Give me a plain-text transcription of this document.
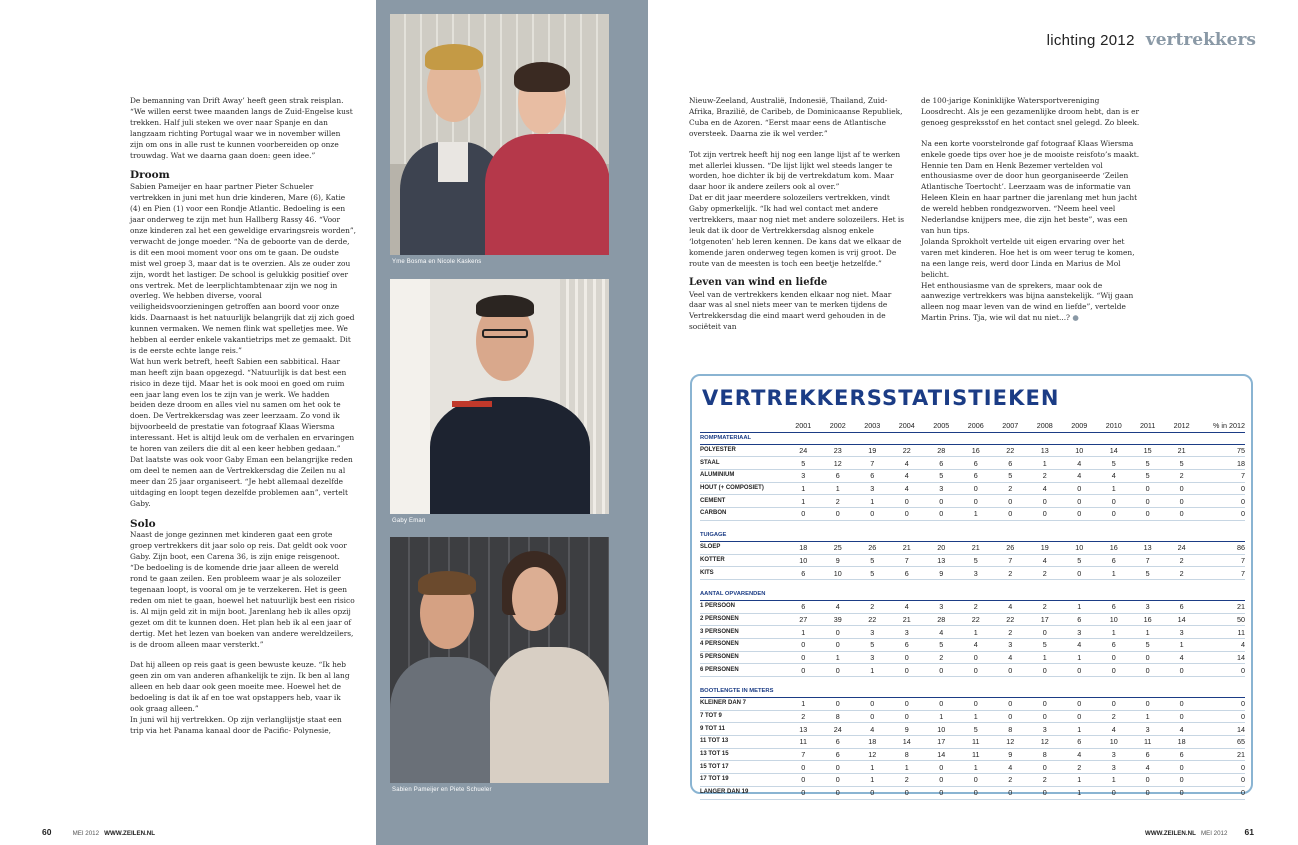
De bemanning van Drift Away’ heeft geen strak reisplan. “We willen eerst twee maanden langs de Zuid-Engelse kust trekken. Half juli steken we over naar Spanje en dan langzaam richting Portugal waar we in november willen zijn om ons in alle rust te kunnen voorbereiden op onze trouwdag. Wat we daarna gaan doen: geen idee.”

Droom

Sabien Pameijer en haar partner Pieter Schueler vertrekken in juni met hun drie kinderen, Mare (6), Katie (4) en Pien (1) voor een Rondje Atlantic. Bedoeling is een jaar onderweg te zijn met hun Hallberg Rassy 46. “Voor onze kinderen zal het een geweldige ervaringsreis worden”, verwacht de jonge moeder. “Na de geboorte van de derde, is dit een mooi moment voor ons om te gaan. De oudste mist wel groep 3, maar dat is te overzien. Als ze ouder zou zijn, wordt het lastiger. De school is gelukkig positief over ons vertrek. Met de leerplichtambtenaar zijn we nog in overleg. We hebben diverse, vooral veiligheidsvoorzieningen getroffen aan boord voor onze kids. Daarnaast is het natuurlijk belangrijk dat zij zich goed kunnen vermaken. We nemen flink wat spelletjes mee. We hebben al eerder enkele vakantietrips met ze gemaakt. Dit is de eerste echte lange reis.”

Wat hun werk betreft, heeft Sabien een sabbitical. Haar man heeft zijn baan opgezegd. “Natuurlijk is dat best een risico in deze tijd. Maar het is ook mooi en goed om ruim een jaar lang even los te zijn van je werk. We hadden beiden deze droom en alles viel nu samen om het ook te doen. De Vertrekkersdag was zeer leerzaam. Zo vond ik bijvoorbeeld de prestatie van fotograaf Klaas Wiersma interessant. Het is altijd leuk om de verhalen en ervaringen te horen van zeilers die dit al een keer hebben gedaan.”

Dat laatste was ook voor Gaby Eman een belangrijke reden om deel te nemen aan de Vertrekkersdag die Zeilen nu al meer dan 25 jaar organiseert. “Je hebt allemaal dezelfde uitdaging en loopt tegen dezelfde problemen aan”, vertelt Gaby.

Solo

Naast de jonge gezinnen met kinderen gaat een grote groep vertrekkers dit jaar solo op reis. Dat geldt ook voor Gaby. Zijn boot, een Carena 36, is zijn enige reisgenoot. “De bedoeling is de komende drie jaar alleen de wereld rond te gaan zeilen. Een probleem waar je als solozeiler tegenaan loopt, is vooral om je te verzekeren. Het is geen reden om niet te gaan, hoewel het natuurlijk best een risico is. Al mijn geld zit in mijn boot. Jarenlang heb ik alles opzij gezet om dit te kunnen doen. Het plan heb ik al een jaar of dertig. Met het lezen van boeken van andere wereldzeilers, is de droom alleen maar versterkt.”

Dat hij alleen op reis gaat is geen bewuste keuze. “Ik heb geen zin om van anderen afhankelijk te zijn. Ik ben al lang alleen en heb daar ook geen moeite mee. Hoewel het de bedoeling is dat ik af en toe wat opstappers heb, vaar ik ook graag alleen.”

In juni wil hij vertrekken. Op zijn verlanglijstje staat een trip via het Panama kanaal door de Pacific- Polynesie,

Yme Bosma en Nicole Kaskens
Gaby Eman
Sabien Pameijer en Piete Schueler
lichting 2012 vertrekkers

Nieuw-Zeeland, Australië, Indonesië, Thailand, Zuid-Afrika, Brazilië, de Caribeb, de Dominicaanse Republiek, Cuba en de Azoren. “Eerst maar eens de Atlantische oversteek. Daarna zie ik wel verder.”

Tot zijn vertrek heeft hij nog een lange lijst af te werken met allerlei klussen. “De lijst lijkt wel steeds langer te worden, hoe dichter ik bij de vertrekdatum kom. Maar daar hoor ik andere zeilers ook al over.”

Dat er dit jaar meerdere solozeilers vertrekken, vindt Gaby opmerkelijk. “Ik had wel contact met andere vertrekkers, maar nog niet met andere solozeilers. Het is leuk dat ik door de Vertrekkersdag alsnog enkele ‘lotgenoten’ heb leren kennen. De kans dat we elkaar de komende jaren onderweg tegen komen is vrij groot. De route van de meesten is toch een beetje hetzelfde.”

Leven van wind en liefde

Veel van de vertrekkers kenden elkaar nog niet. Maar daar was al snel niets meer van te merken tijdens de Vertrekkersdag die eind maart werd gehouden in de sociëteit van

de 100-jarige Koninklijke Watersportvereniging Loosdrecht. Als je een gezamenlijke droom hebt, dan is er genoeg gespreksstof en het contact snel gelegd. Zo bleek.

Na een korte voorstelronde gaf fotograaf Klaas Wiersma enkele goede tips over hoe je de mooiste reisfoto’s maakt. Hennie ten Dam en Henk Bezemer vertelden vol enthousiasme over de door hun georganiseerde ‘Zeilen Atlantische Toertocht’. Leerzaam was de informatie van Heleen Klein en haar partner die jarenlang met hun jacht de wereld hebben rondgezworven. “Neem heel veel Nederlandse knijpers mee, die zijn het beste”, was een van hun tips.

Jolanda Sprokholt vertelde uit eigen ervaring over het varen met kinderen. Hoe het is om weer terug te komen, na een lange reis, werd door Linda en Marius de Mol belicht.

Het enthousiasme van de sprekers, maar ook de aanwezige vertrekkers was bijna aanstekelijk. “Wij gaan alleen nog maar leven van de wind en liefde”, vertelde Martin Prins. Tja, wie wil dat nu niet...? ●

VERTREKKERSSTATISTIEKEN
	2001	2002	2003	2004	2005	2006	2007	2008	2009	2010	2011	2012	% in 2012
ROMPMATERIAAL													
POLYESTER	24	23	19	22	28	16	22	13	10	14	15	21	75
STAAL	5	12	7	4	6	6	6	1	4	5	5	5	18
ALUMINIUM	3	6	6	4	5	6	5	2	4	4	5	2	7
HOUT (+ COMPOSIET)	1	1	3	4	3	0	2	4	0	1	0	0	0
CEMENT	1	2	1	0	0	0	0	0	0	0	0	0	0
CARBON	0	0	0	0	0	1	0	0	0	0	0	0	0

TUIGAGE													
SLOEP	18	25	26	21	20	21	26	19	10	16	13	24	86
KOTTER	10	9	5	7	13	5	7	4	5	6	7	2	7
KITS	6	10	5	6	9	3	2	2	0	1	5	2	7

AANTAL OPVARENDEN													
1 PERSOON	6	4	2	4	3	2	4	2	1	6	3	6	21
2 PERSONEN	27	39	22	21	28	22	22	17	6	10	16	14	50
3 PERSONEN	1	0	3	3	4	1	2	0	3	1	1	3	11
4 PERSONEN	0	0	5	6	5	4	3	5	4	6	5	1	4
5 PERSONEN	0	1	3	0	2	0	4	1	1	0	0	4	14
6 PERSONEN	0	0	1	0	0	0	0	0	0	0	0	0	0

BOOTLENGTE IN METERS													
KLEINER DAN 7	1	0	0	0	0	0	0	0	0	0	0	0	0
7 TOT 9	2	8	0	0	1	1	0	0	0	2	1	0	0
9 TOT 11	13	24	4	9	10	5	8	3	1	4	3	4	14
11 TOT 13	11	6	18	14	17	11	12	12	6	10	11	18	65
13 TOT 15	7	6	12	8	14	11	9	8	4	3	6	6	21
15 TOT 17	0	0	1	1	0	1	4	0	2	3	4	0	0
17 TOT 19	0	0	1	2	0	0	2	2	1	1	0	0	0
LANGER DAN 19	0	0	0	0	0	0	0	0	1	0	0	0	0
60	MEI 2012 WWW.ZEILEN.NL	WWW.ZEILEN.NL MEI 2012 61
